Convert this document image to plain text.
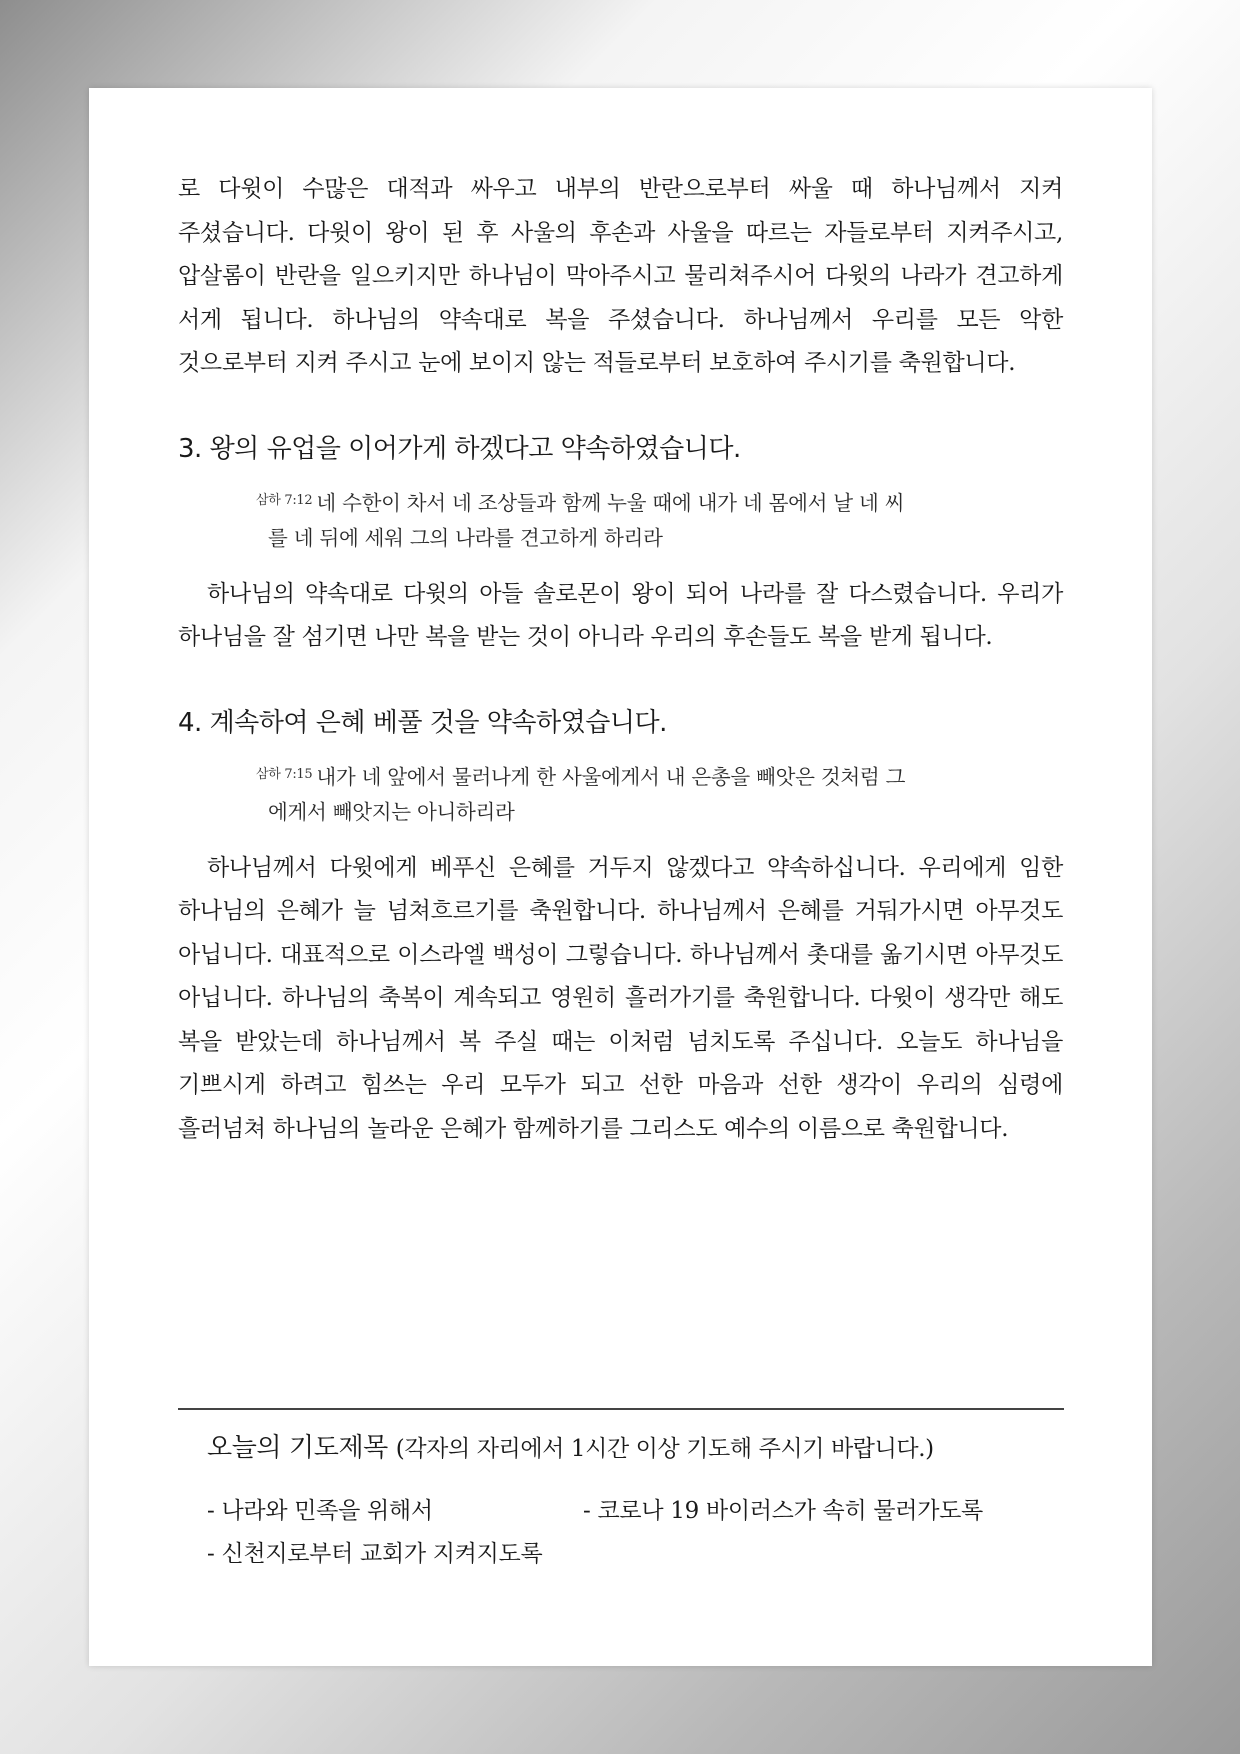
로 다윗이 수많은 대적과 싸우고 내부의 반란으로부터 싸울 때 하나님께서 지켜 주셨습니다. 다윗이 왕이 된 후 사울의 후손과 사울을 따르는 자들로부터 지켜주시고, 압살롬이 반란을 일으키지만 하나님이 막아주시고 물리쳐주시어 다윗의 나라가 견고하게 서게 됩니다. 하나님의 약속대로 복을 주셨습니다. 하나님께서 우리를 모든 악한 것으로부터 지켜 주시고 눈에 보이지 않는 적들로부터 보호하여 주시기를 축원합니다.

3. 왕의 유업을 이어가게 하겠다고 약속하였습니다.
$^{삼하 7:12}$ 네 수한이 차서 네 조상들과 함께 누울 때에 내가 네 몸에서 날 네 씨
를 네 뒤에 세워 그의 나라를 견고하게 하리라

하나님의 약속대로 다윗의 아들 솔로몬이 왕이 되어 나라를 잘 다스렸습니다. 우리가 하나님을 잘 섬기면 나만 복을 받는 것이 아니라 우리의 후손들도 복을 받게 됩니다.

4. 계속하여 은혜 베풀 것을 약속하였습니다.
$^{삼하 7:15}$ 내가 네 앞에서 물러나게 한 사울에게서 내 은총을 빼앗은 것처럼 그
에게서 빼앗지는 아니하리라

하나님께서 다윗에게 베푸신 은혜를 거두지 않겠다고 약속하십니다. 우리에게 임한 하나님의 은혜가 늘 넘쳐흐르기를 축원합니다. 하나님께서 은혜를 거둬가시면 아무것도 아닙니다. 대표적으로 이스라엘 백성이 그렇습니다. 하나님께서 촛대를 옮기시면 아무것도 아닙니다. 하나님의 축복이 계속되고 영원히 흘러가기를 축원합니다. 다윗이 생각만 해도 복을 받았는데 하나님께서 복 주실 때는 이처럼 넘치도록 주십니다. 오늘도 하나님을 기쁘시게 하려고 힘쓰는 우리 모두가 되고 선한 마음과 선한 생각이 우리의 심령에 흘러넘쳐 하나님의 놀라운 은혜가 함께하기를 그리스도 예수의 이름으로 축원합니다.

오늘의 기도제목 (각자의 자리에서 1시간 이상 기도해 주시기 바랍니다.)
- 나라와 민족을 위해서	- 코로나 19 바이러스가 속히 물러가도록
- 신천지로부터 교회가 지켜지도록
